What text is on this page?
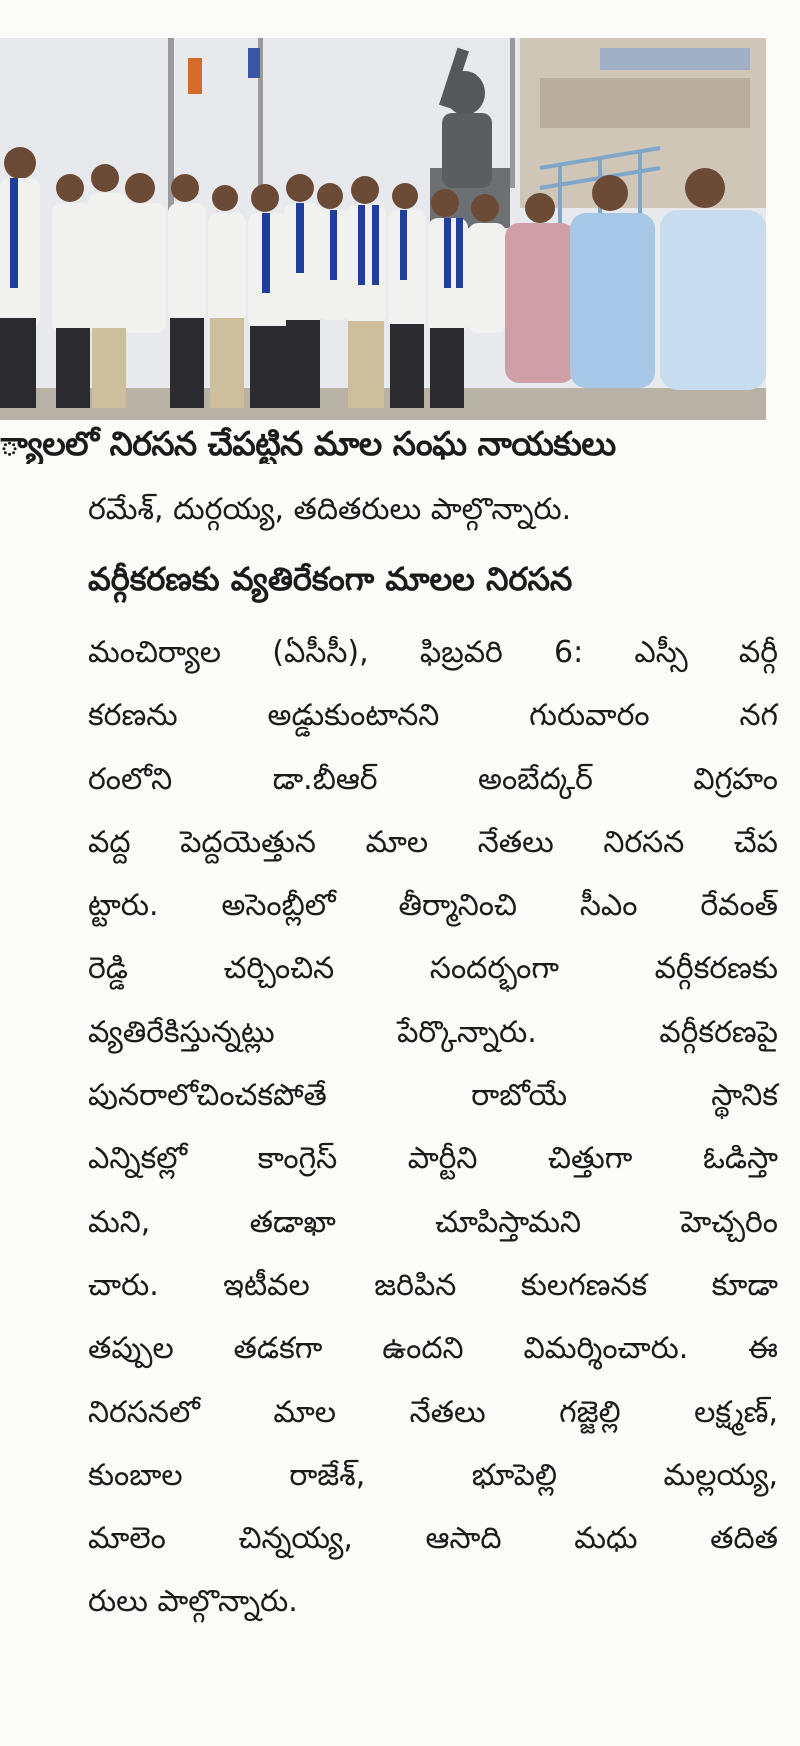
్యాలలో నిరసన చేపట్టిన మాల సంఘ నాయకులు
రమేశ్, దుర్గయ్య, తదితరులు పాల్గొన్నారు.
వర్గీకరణకు వ్యతిరేకంగా మాలల నిరసన
మంచిర్యాల (ఏసీసీ), ఫిబ్రవరి 6: ఎస్సీ వర్గీ
కరణను అడ్డుకుంటానని గురువారం నగ
రంలోని డా.బీఆర్ అంబేద్కర్ విగ్రహం
వద్ద పెద్దయెత్తున మాల నేతలు నిరసన చేప
ట్టారు. అసెంబ్లీలో తీర్మానించి సీఎం రేవంత్
రెడ్డి చర్చించిన సందర్భంగా వర్గీకరణకు
వ్యతిరేకిస్తున్నట్లు పేర్కొన్నారు. వర్గీకరణపై
పునరాలోచించకపోతే రాబోయే స్థానిక
ఎన్నికల్లో కాంగ్రెస్ పార్టీని చిత్తుగా ఓడిస్తా
మని, తడాఖా చూపిస్తామని హెచ్చరిం
చారు. ఇటీవల జరిపిన కులగణనక కూడా
తప్పుల తడకగా ఉందని విమర్శించారు. ఈ
నిరసనలో మాల నేతలు గజ్జెల్లి లక్ష్మణ్,
కుంబాల రాజేశ్, భూపెల్లి మల్లయ్య,
మాలెం చిన్నయ్య, ఆసాది మధు తదిత
రులు పాల్గొన్నారు.
